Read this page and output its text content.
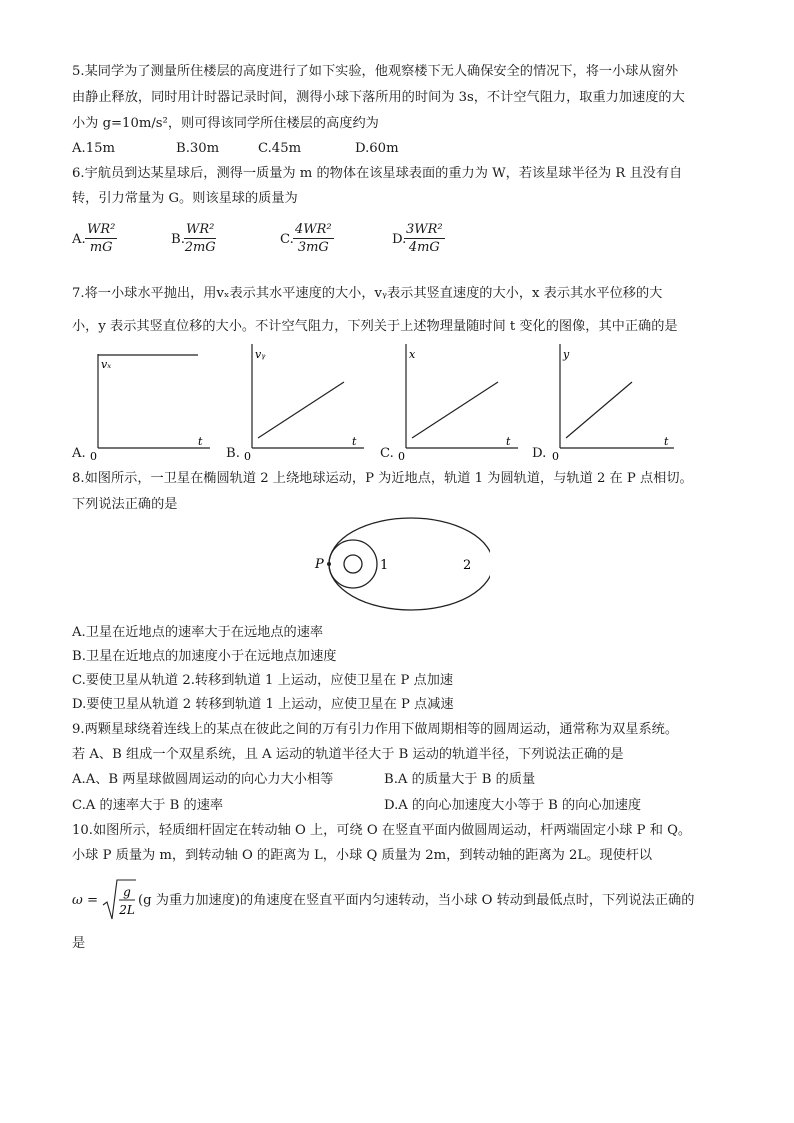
5.某同学为了测量所住楼层的高度进行了如下实验，他观察楼下无人确保安全的情况下，将一小球从窗外
由静止释放，同时用计时器记录时间，测得小球下落所用的时间为 3s，不计空气阻力，取重力加速度的大
小为 g=10m/s²，则可得该同学所住楼层的高度约为
A.15m	B.30m	C.45m	D.60m
6.宇航员到达某星球后，测得一质量为 m 的物体在该星球表面的重力为 W，若该星球半径为 R 且没有自
转，引力常量为 G。则该星球的质量为
A. $\frac{\text{WR²}}{mG}$	B. $\frac{\text{WR²}}{2mG}$	C. $\frac{\text{4WR²}}{3mG}$	D.
$\frac{\text{3WR²}}{4mG}$
7.将一小球水平抛出，用vₓ表示其水平速度的大小，vᵧ表示其竖直速度的大小，x 表示其水平位移的大
小，y 表示其竖直位移的大小。不计空气阻力，下列关于上述物理量随时间 t 变化的图像，其中正确的是
A.
vₓ
0
t
B.
vᵧ
0
t
C.
x
0
t
D.
y
0
t
8.如图所示，一卫星在椭圆轨道 2 上绕地球运动，P 为近地点，轨道 1 为圆轨道，与轨道 2 在 P 点相切。
下列说法正确的是
P	1	2
A.卫星在近地点的速率大于在远地点的速率
B.卫星在近地点的加速度小于在远地点加速度
C.要使卫星从轨道 2.转移到轨道 1 上运动，应使卫星在 P 点加速
D.要使卫星从轨道 2 转移到轨道 1 上运动，应使卫星在 P 点减速
9.两颗星球绕着连线上的某点在彼此之间的万有引力作用下做周期相等的圆周运动，通常称为双星系统。
若 A、B 组成一个双星系统，且 A 运动的轨道半径大于 B 运动的轨道半径，下列说法正确的是
A.A、B 两星球做圆周运动的向心力大小相等	B.A 的质量大于 B 的质量
C.A 的速率大于 B 的速率	D.A 的向心加速度大小等于 B 的向心加速度
10.如图所示，轻质细杆固定在转动轴 O 上，可绕 O 在竖直平面内做圆周运动，杆两端固定小球 P 和 Q。
小球 P 质量为 m，到转动轴 O 的距离为 L，小球 Q 质量为 2m，到转动轴的距离为 2L。现使杆以
ω =
g
2L
(g 为重力加速度)的角速度在竖直平面内匀速转动，当小球 O 转动到最低点时，下列说法正确的
是
